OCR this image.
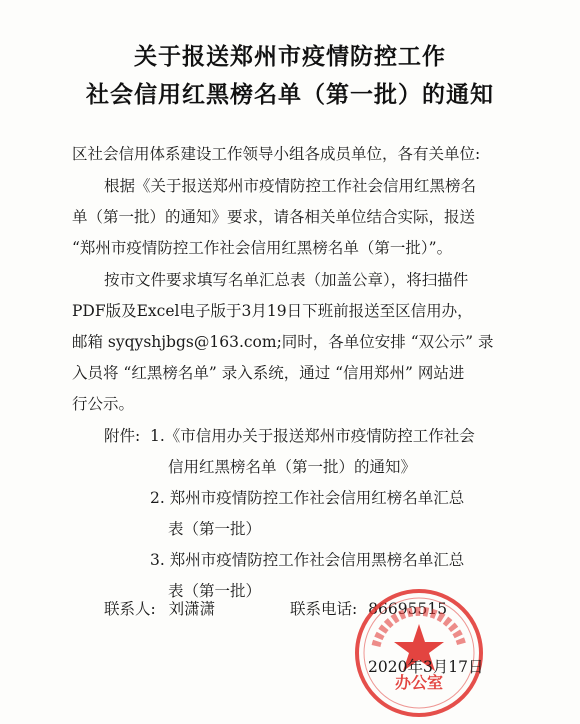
关于报送郑州市疫情防控工作
社会信用红黑榜名单（第一批）的通知
区社会信用体系建设工作领导小组各成员单位，各有关单位:
根据《关于报送郑州市疫情防控工作社会信用红黑榜名
单（第一批）的通知》要求，请各相关单位结合实际，报送
“郑州市疫情防控工作社会信用红黑榜名单（第一批）”。
按市文件要求填写名单汇总表（加盖公章），将扫描件
PDF版及Excel电子版于3月19日下班前报送至区信用办，
邮箱 syqyshjbgs@163.com;同时，各单位安排 “双公示” 录
入员将 “红黑榜名单” 录入系统，通过 “信用郑州” 网站进
行公示。
附件: 1.《市信用办关于报送郑州市疫情防控工作社会
信用红黑榜名单（第一批）的通知》
2. 郑州市疫情防控工作社会信用红榜名单汇总
表（第一批）
3. 郑州市疫情防控工作社会信用黑榜名单汇总
表（第一批）
联系人: 刘潇潇	联系电话: 86695515
办公室
2020年3月17日
